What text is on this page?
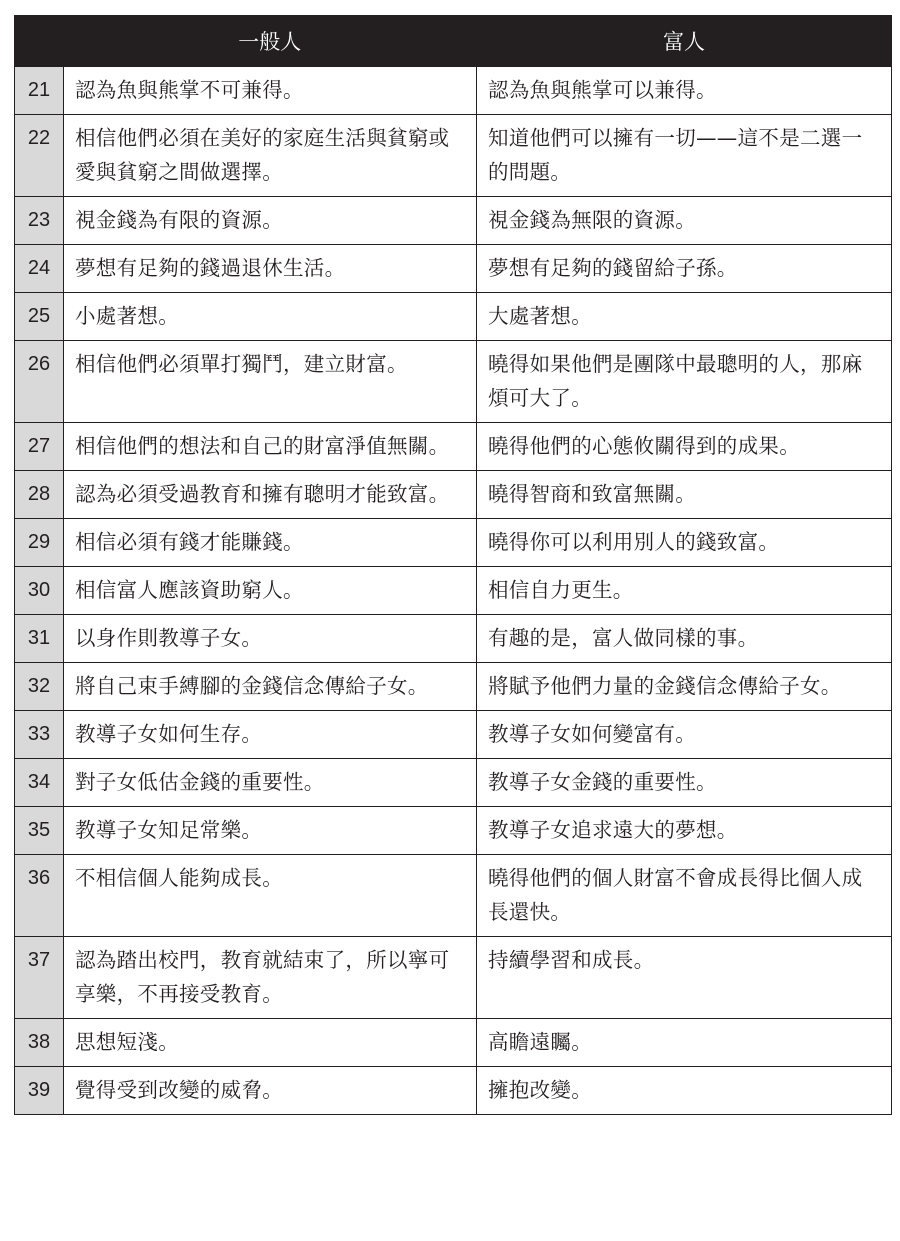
	一般人	富人
21	認為魚與熊掌不可兼得。	認為魚與熊掌可以兼得。
22	相信他們必須在美好的家庭生活與貧窮或愛與貧窮之間做選擇。	知道他們可以擁有一切——這不是二選一的問題。
23	視金錢為有限的資源。	視金錢為無限的資源。
24	夢想有足夠的錢過退休生活。	夢想有足夠的錢留給子孫。
25	小處著想。	大處著想。
26	相信他們必須單打獨鬥，建立財富。	曉得如果他們是團隊中最聰明的人，那麻煩可大了。
27	相信他們的想法和自己的財富淨值無關。	曉得他們的心態攸關得到的成果。
28	認為必須受過教育和擁有聰明才能致富。	曉得智商和致富無關。
29	相信必須有錢才能賺錢。	曉得你可以利用別人的錢致富。
30	相信富人應該資助窮人。	相信自力更生。
31	以身作則教導子女。	有趣的是，富人做同樣的事。
32	將自己束手縛腳的金錢信念傳給子女。	將賦予他們力量的金錢信念傳給子女。
33	教導子女如何生存。	教導子女如何變富有。
34	對子女低估金錢的重要性。	教導子女金錢的重要性。
35	教導子女知足常樂。	教導子女追求遠大的夢想。
36	不相信個人能夠成長。	曉得他們的個人財富不會成長得比個人成長還快。
37	認為踏出校門，教育就結束了，所以寧可享樂，不再接受教育。	持續學習和成長。
38	思想短淺。	高瞻遠矚。
39	覺得受到改變的威脅。	擁抱改變。
